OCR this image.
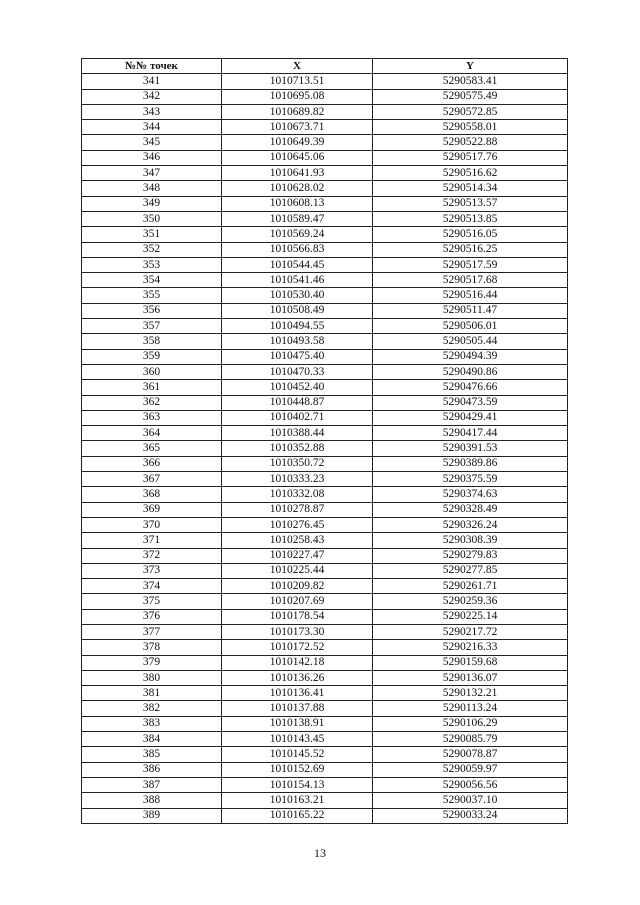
№№ точек	X	Y
341	1010713.51	5290583.41
342	1010695.08	5290575.49
343	1010689.82	5290572.85
344	1010673.71	5290558.01
345	1010649.39	5290522.88
346	1010645.06	5290517.76
347	1010641.93	5290516.62
348	1010628.02	5290514.34
349	1010608.13	5290513.57
350	1010589.47	5290513.85
351	1010569.24	5290516.05
352	1010566.83	5290516.25
353	1010544.45	5290517.59
354	1010541.46	5290517.68
355	1010530.40	5290516.44
356	1010508.49	5290511.47
357	1010494.55	5290506.01
358	1010493.58	5290505.44
359	1010475.40	5290494.39
360	1010470.33	5290490.86
361	1010452.40	5290476.66
362	1010448.87	5290473.59
363	1010402.71	5290429.41
364	1010388.44	5290417.44
365	1010352.88	5290391.53
366	1010350.72	5290389.86
367	1010333.23	5290375.59
368	1010332.08	5290374.63
369	1010278.87	5290328.49
370	1010276.45	5290326.24
371	1010258.43	5290308.39
372	1010227.47	5290279.83
373	1010225.44	5290277.85
374	1010209.82	5290261.71
375	1010207.69	5290259.36
376	1010178.54	5290225.14
377	1010173.30	5290217.72
378	1010172.52	5290216.33
379	1010142.18	5290159.68
380	1010136.26	5290136.07
381	1010136.41	5290132.21
382	1010137.88	5290113.24
383	1010138.91	5290106.29
384	1010143.45	5290085.79
385	1010145.52	5290078.87
386	1010152.69	5290059.97
387	1010154.13	5290056.56
388	1010163.21	5290037.10
389	1010165.22	5290033.24
13
